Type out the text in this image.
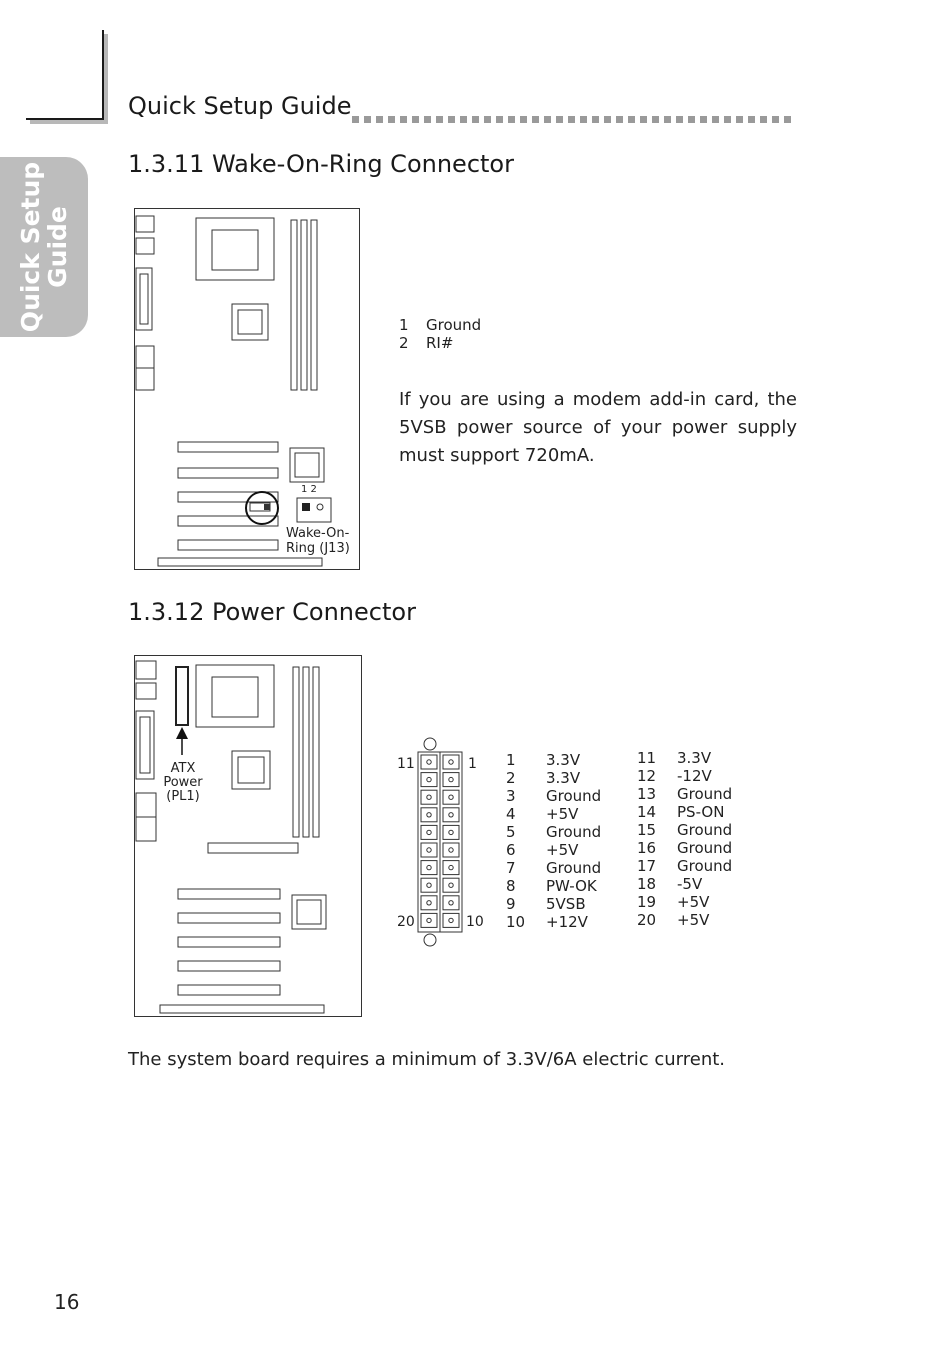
Quick Setup
Guide
Quick Setup Guide
1.3.11 Wake-On-Ring Connector
1 2
Wake-On-
Ring (J13)
1	Ground
2	RI#
If you are using a modem add-in card, the 5VSB power source of your power supply must support 720mA.
1.3.12 Power Connector
ATX
Power
(PL1)
11	1
20	10
1	3.3V
2	3.3V
3	Ground
4	+5V
5	Ground
6	+5V
7	Ground
8	PW-OK
9	5VSB
10	+12V
11	3.3V
12	-12V
13	Ground
14	PS-ON
15	Ground
16	Ground
17	Ground
18	-5V
19	+5V
20	+5V
The system board requires a minimum of 3.3V/6A electric current.
16
